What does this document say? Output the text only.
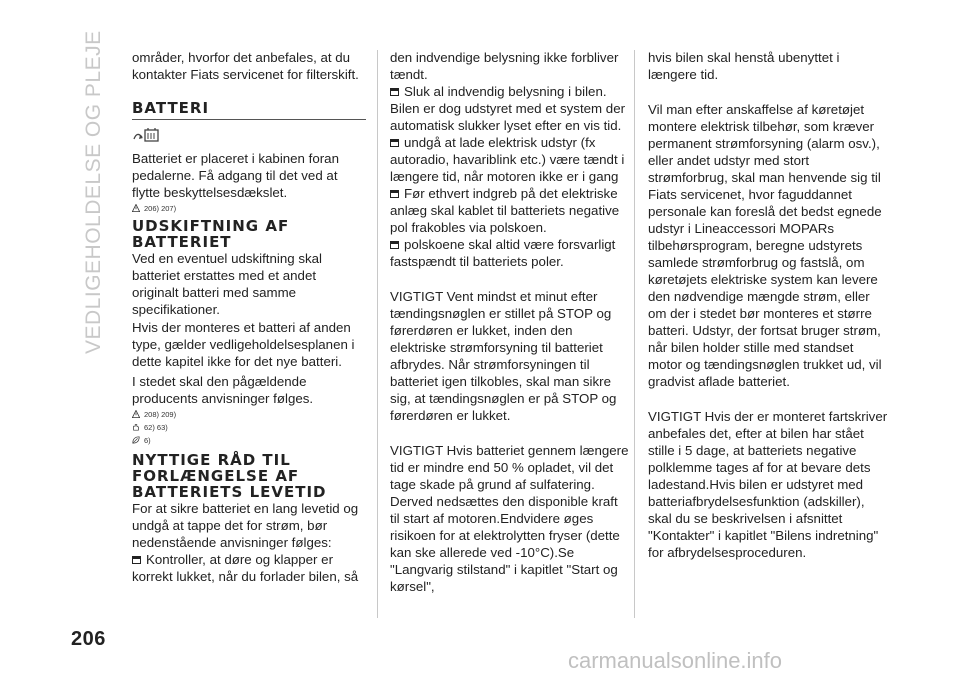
VEDLIGEHOLDELSE OG PLEJE områder, hvorfor det anbefales, at du kontakter Fiats servicenet for filterskift.

BATTERI

Batteriet er placeret i kabinen foran pedalerne. Få adgang til det ved at flytte beskyttelsesdækslet.

206) 207)
UDSKIFTNING AF BATTERIET

Ved en eventuel udskiftning skal batteriet erstattes med et andet originalt batteri med samme specifikationer.

Hvis der monteres et batteri af anden type, gælder vedligeholdelsesplanen i dette kapitel ikke for det nye batteri.

I stedet skal den pågældende producents anvisninger følges.

208) 209)
62) 63)
6)
NYTTIGE RÅD TIL FORLÆNGELSE AF BATTERIETS LEVETID

For at sikre batteriet en lang levetid og undgå at tappe det for strøm, bør nedenstående anvisninger følges:

Kontroller, at døre og klapper er korrekt lukket, når du forlader bilen, så

den indvendige belysning ikke forbliver tændt.

Sluk al indvendig belysning i bilen. Bilen er dog udstyret med et system der automatisk slukker lyset efter en vis tid.

undgå at lade elektrisk udstyr (fx autoradio, havariblink etc.) være tændt i længere tid, når motoren ikke er i gang

Før ethvert indgreb på det elektriske anlæg skal kablet til batteriets negative pol frakobles via polskoen.

polskoene skal altid være forsvarligt fastspændt til batteriets poler.

VIGTIGT Vent mindst et minut efter tændingsnøglen er stillet på STOP og førerdøren er lukket, inden den elektriske strømforsyning til batteriet afbrydes. Når strømforsyningen til batteriet igen tilkobles, skal man sikre sig, at tændingsnøglen er på STOP og førerdøren er lukket.

VIGTIGT Hvis batteriet gennem længere tid er mindre end 50 % opladet, vil det tage skade på grund af sulfatering. Derved nedsættes den disponible kraft til start af motoren.Endvidere øges risikoen for at elektrolytten fryser (dette kan ske allerede ved -10°C).Se "Langvarig stilstand" i kapitlet "Start og kørsel",

hvis bilen skal henstå ubenyttet i længere tid.

Vil man efter anskaffelse af køretøjet montere elektrisk tilbehør, som kræver permanent strømforsyning (alarm osv.), eller andet udstyr med stort strømforbrug, skal man henvende sig til Fiats servicenet, hvor faguddannet personale kan foreslå det bedst egnede udstyr i Lineaccessori MOPARs tilbehørsprogram, beregne udstyrets samlede strømforbrug og fastslå, om køretøjets elektriske system kan levere den nødvendige mængde strøm, eller om der i stedet bør monteres et større batteri. Udstyr, der fortsat bruger strøm, når bilen holder stille med standset motor og tændingsnøglen trukket ud, vil gradvist aflade batteriet.

VIGTIGT Hvis der er monteret fartskriver anbefales det, efter at bilen har stået stille i 5 dage, at batteriets negative polklemme tages af for at bevare dets ladestand.Hvis bilen er udstyret med batteriafbrydelsesfunktion (adskiller), skal du se beskrivelsen i afsnittet "Kontakter" i kapitlet "Bilens indretning" for afbrydelsesproceduren.

206
carmanualsonline.info
